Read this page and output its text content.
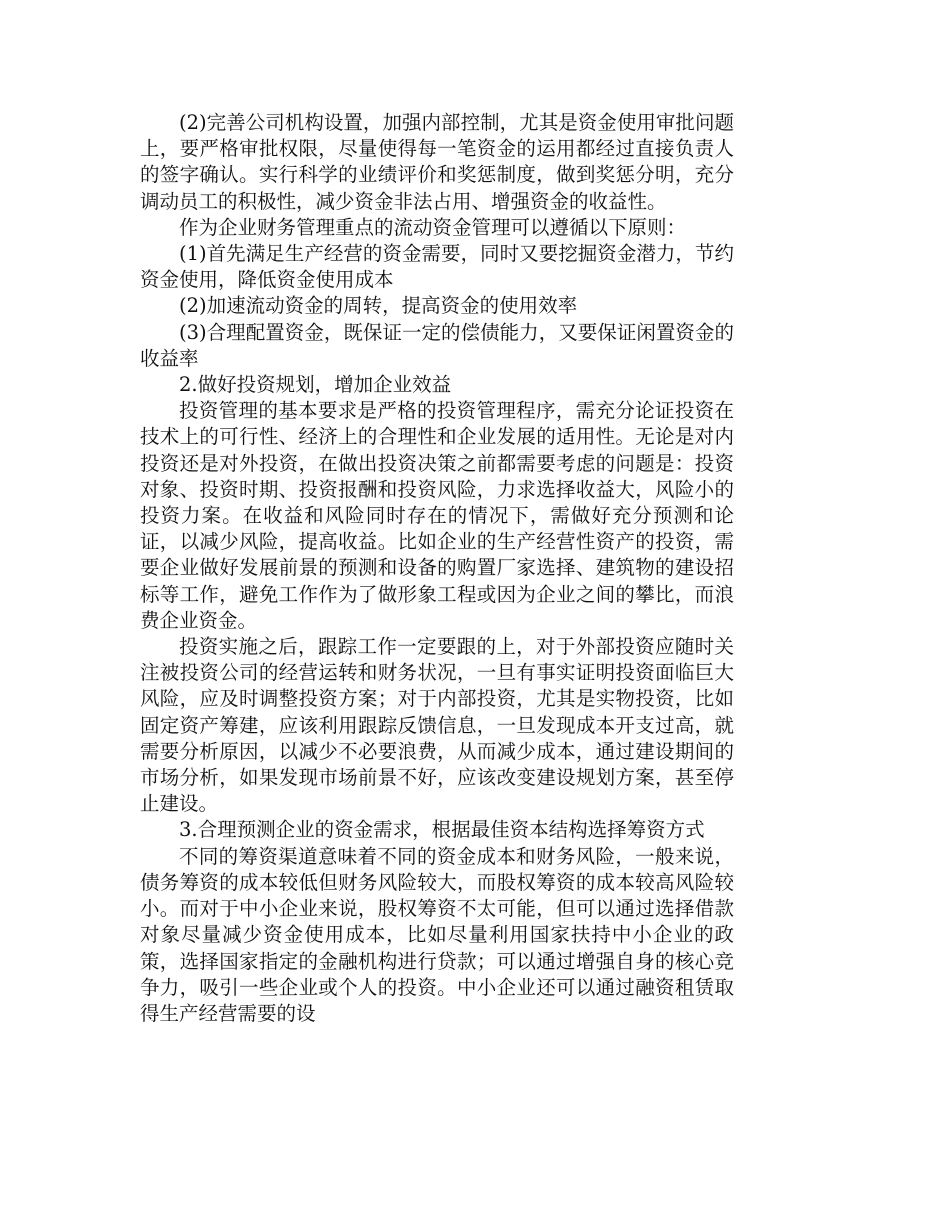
(2)完善公司机构设置，加强内部控制，尤其是资金使用审批问题上，要严格审批权限，尽量使得每一笔资金的运用都经过直接负责人的签字确认。实行科学的业绩评价和奖惩制度，做到奖惩分明，充分调动员工的积极性，减少资金非法占用、增强资金的收益性。

作为企业财务管理重点的流动资金管理可以遵循以下原则：

(1)首先满足生产经营的资金需要，同时又要挖掘资金潜力，节约资金使用，降低资金使用成本

(2)加速流动资金的周转，提高资金的使用效率

(3)合理配置资金，既保证一定的偿债能力，又要保证闲置资金的收益率

2.做好投资规划，增加企业效益

投资管理的基本要求是严格的投资管理程序，需充分论证投资在技术上的可行性、经济上的合理性和企业发展的适用性。无论是对内投资还是对外投资，在做出投资决策之前都需要考虑的问题是：投资对象、投资时期、投资报酬和投资风险，力求选择收益大，风险小的投资力案。在收益和风险同时存在的情况下，需做好充分预测和论证，以减少风险，提高收益。比如企业的生产经营性资产的投资，需要企业做好发展前景的预测和设备的购置厂家选择、建筑物的建设招标等工作，避免工作作为了做形象工程或因为企业之间的攀比，而浪费企业资金。

投资实施之后，跟踪工作一定要跟的上，对于外部投资应随时关注被投资公司的经营运转和财务状况，一旦有事实证明投资面临巨大风险，应及时调整投资方案；对于内部投资，尤其是实物投资，比如固定资产筹建，应该利用跟踪反馈信息，一旦发现成本开支过高，就需要分析原因，以减少不必要浪费，从而减少成本，通过建设期间的市场分析，如果发现市场前景不好，应该改变建设规划方案，甚至停止建设。

3.合理预测企业的资金需求，根据最佳资本结构选择筹资方式

不同的筹资渠道意味着不同的资金成本和财务风险，一般来说，债务筹资的成本较低但财务风险较大，而股权筹资的成本较高风险较小。而对于中小企业来说，股权筹资不太可能，但可以通过选择借款对象尽量减少资金使用成本，比如尽量利用国家扶持中小企业的政策，选择国家指定的金融机构进行贷款；可以通过增强自身的核心竞争力，吸引一些企业或个人的投资。中小企业还可以通过融资租赁取得生产经营需要的设
